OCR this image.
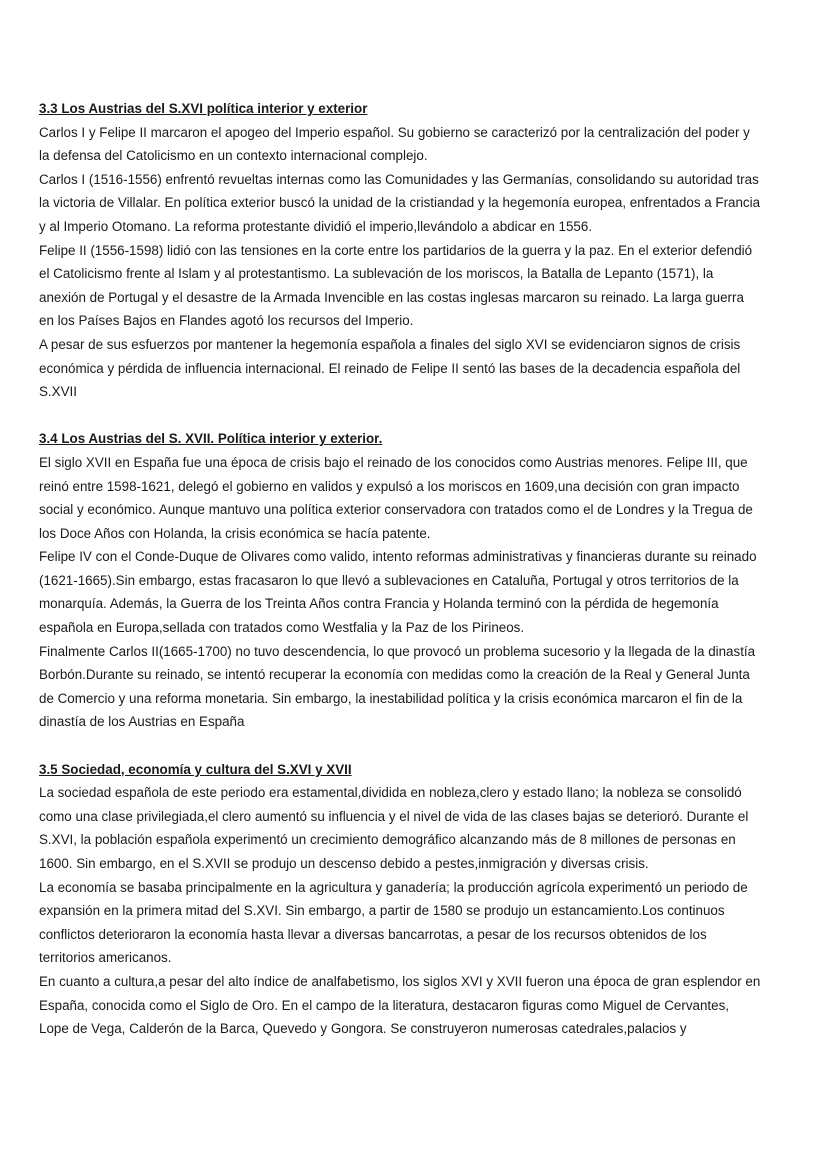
3.3 Los Austrias del S.XVI política interior y exterior

Carlos I y Felipe II marcaron el apogeo del Imperio español. Su gobierno se caracterizó por la centralización del poder y
la defensa del Catolicismo en un contexto internacional complejo.

Carlos I (1516-1556) enfrentó revueltas internas como las Comunidades y las Germanías, consolidando su autoridad tras
la victoria de Villalar. En política exterior buscó la unidad de la cristiandad y la hegemonía europea, enfrentados a Francia
y al Imperio Otomano. La reforma protestante dividió el imperio,llevándolo a abdicar en 1556.

Felipe II (1556-1598) lidió con las tensiones en la corte entre los partidarios de la guerra y la paz. En el exterior defendió
el Catolicismo frente al Islam y al protestantismo. La sublevación de los moriscos, la Batalla de Lepanto (1571), la
anexión de Portugal y el desastre de la Armada Invencible en las costas inglesas marcaron su reinado. La larga guerra
en los Países Bajos en Flandes agotó los recursos del Imperio.

A pesar de sus esfuerzos por mantener la hegemonía española a finales del siglo XVI se evidenciaron signos de crisis
económica y pérdida de influencia internacional. El reinado de Felipe II sentó las bases de la decadencia española del
S.XVII

3.4 Los Austrias del S. XVII. Política interior y exterior.

El siglo XVII en España fue una época de crisis bajo el reinado de los conocidos como Austrias menores. Felipe III, que
reinó entre 1598-1621, delegó el gobierno en validos y expulsó a los moriscos en 1609,una decisión con gran impacto
social y económico. Aunque mantuvo una política exterior conservadora con tratados como el de Londres y la Tregua de
los Doce Años con Holanda, la crisis económica se hacía patente.

Felipe IV con el Conde-Duque de Olivares como valido, intento reformas administrativas y financieras durante su reinado
(1621-1665).Sin embargo, estas fracasaron lo que llevó a sublevaciones en Cataluña, Portugal y otros territorios de la
monarquía. Además, la Guerra de los Treinta Años contra Francia y Holanda terminó con la pérdida de hegemonía
española en Europa,sellada con tratados como Westfalia y la Paz de los Pirineos.

Finalmente Carlos II(1665-1700) no tuvo descendencia, lo que provocó un problema sucesorio y la llegada de la dinastía
Borbón.Durante su reinado, se intentó recuperar la economía con medidas como la creación de la Real y General Junta
de Comercio y una reforma monetaria. Sin embargo, la inestabilidad política y la crisis económica marcaron el fin de la
dinastía de los Austrias en España

3.5 Sociedad, economía y cultura del S.XVI y XVII

La sociedad española de este periodo era estamental,dividida en nobleza,clero y estado llano; la nobleza se consolidó
como una clase privilegiada,el clero aumentó su influencia y el nivel de vida de las clases bajas se deterioró. Durante el
S.XVI, la población española experimentó un crecimiento demográfico alcanzando más de 8 millones de personas en
1600. Sin embargo, en el S.XVII se produjo un descenso debido a pestes,inmigración y diversas crisis.

La economía se basaba principalmente en la agricultura y ganadería; la producción agrícola experimentó un periodo de
expansión en la primera mitad del S.XVI. Sin embargo, a partir de 1580 se produjo un estancamiento.Los continuos
conflictos deterioraron la economía hasta llevar a diversas bancarrotas, a pesar de los recursos obtenidos de los
territorios americanos.

En cuanto a cultura,a pesar del alto índice de analfabetismo, los siglos XVI y XVII fueron una época de gran esplendor en
España, conocida como el Siglo de Oro. En el campo de la literatura, destacaron figuras como Miguel de Cervantes,
Lope de Vega, Calderón de la Barca, Quevedo y Gongora. Se construyeron numerosas catedrales,palacios y
